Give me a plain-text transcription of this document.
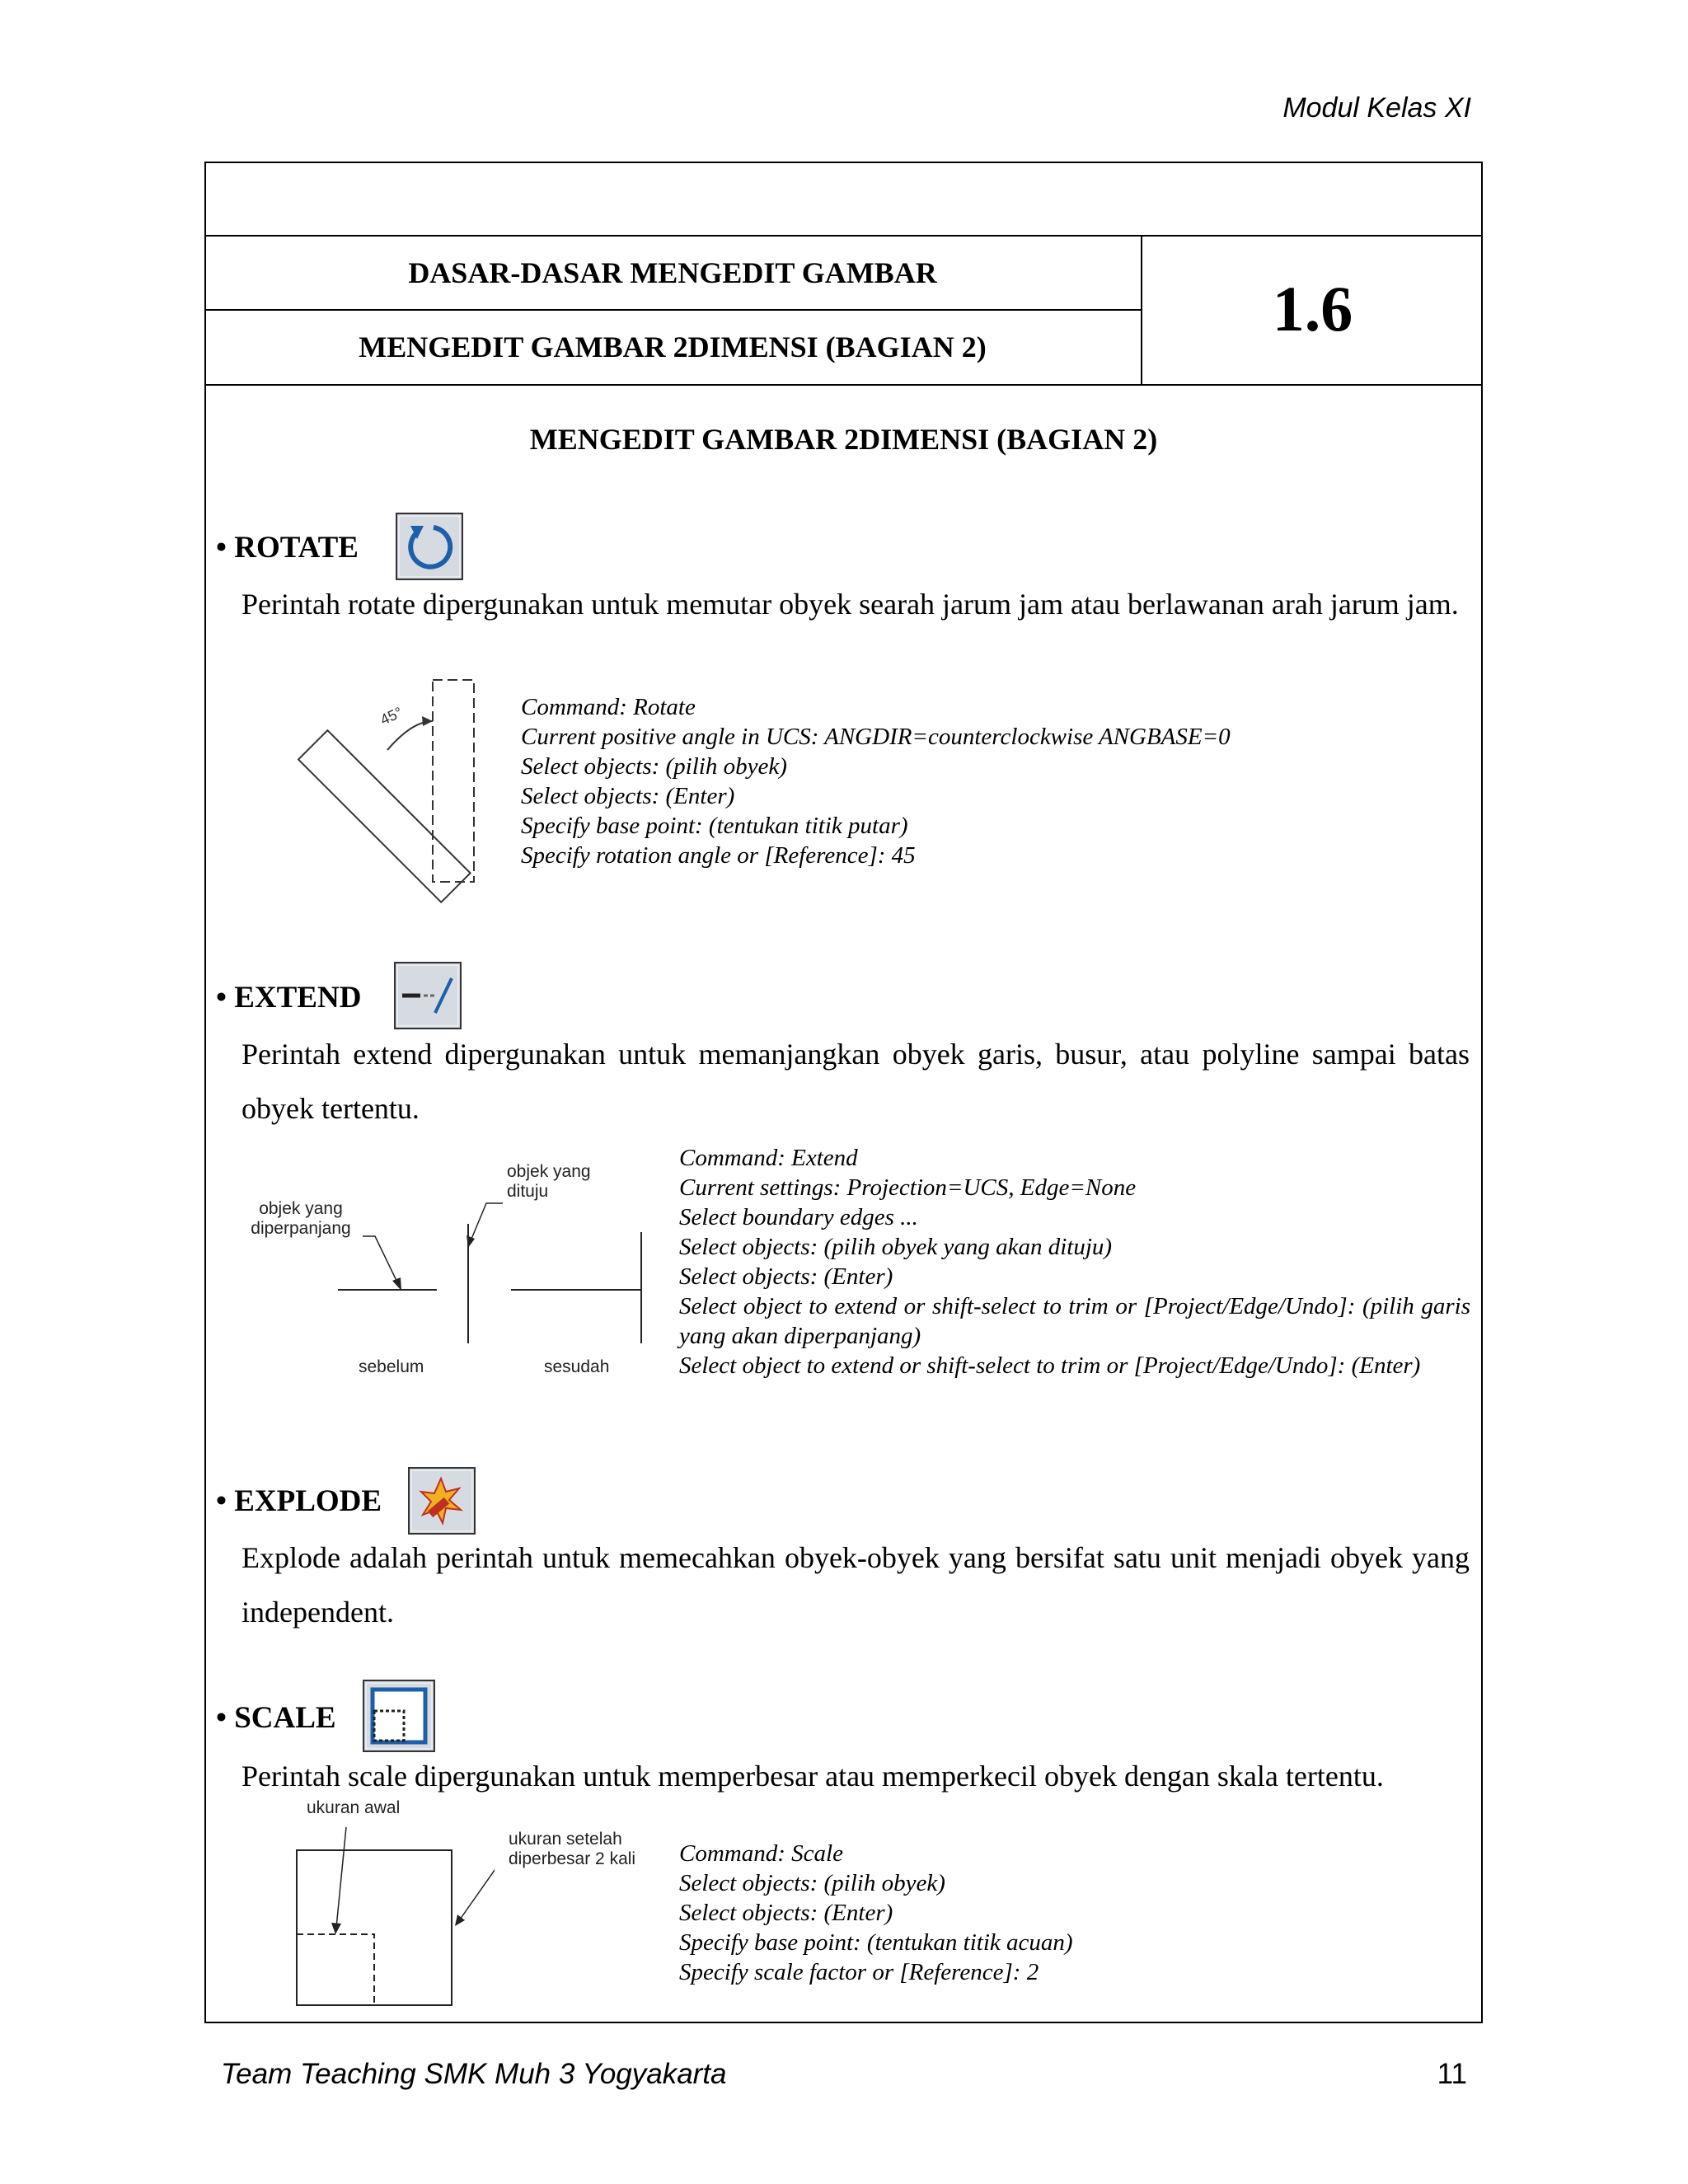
Modul Kelas XI
DASAR-DASAR MENGEDIT GAMBAR
MENGEDIT GAMBAR 2DIMENSI (BAGIAN 2)
1.6
MENGEDIT GAMBAR 2DIMENSI (BAGIAN 2)
• ROTATE
Perintah rotate dipergunakan untuk memutar obyek searah jarum jam atau berlawanan arah jarum jam.
45°	Command: Rotate
Current positive angle in UCS: ANGDIR=counterclockwise ANGBASE=0
Select objects: (pilih obyek)
Select objects: (Enter)
Specify base point: (tentukan titik putar)
Specify rotation angle or [Reference]: 45
• EXTEND
Perintah extend dipergunakan untuk memanjangkan obyek garis, busur, atau polyline sampai batas obyek tertentu.
objek yang diperpanjang
objek yang dituju
sebelum	sesudah
Command: Extend
Current settings: Projection=UCS, Edge=None
Select boundary edges ...
Select objects: (pilih obyek yang akan dituju)
Select objects: (Enter)
Select object to extend or shift-select to trim or [Project/Edge/Undo]: (pilih garis yang akan diperpanjang)
Select object to extend or shift-select to trim or [Project/Edge/Undo]: (Enter)
• EXPLODE
Explode adalah perintah untuk memecahkan obyek-obyek yang bersifat satu unit menjadi obyek yang independent.
• SCALE
Perintah scale dipergunakan untuk memperbesar atau memperkecil obyek dengan skala tertentu.
ukuran awal
ukuran setelah diperbesar 2 kali	Command: Scale
Select objects: (pilih obyek)
Select objects: (Enter)
Specify base point: (tentukan titik acuan)
Specify scale factor or [Reference]: 2
Team Teaching SMK Muh 3 Yogyakarta	11
